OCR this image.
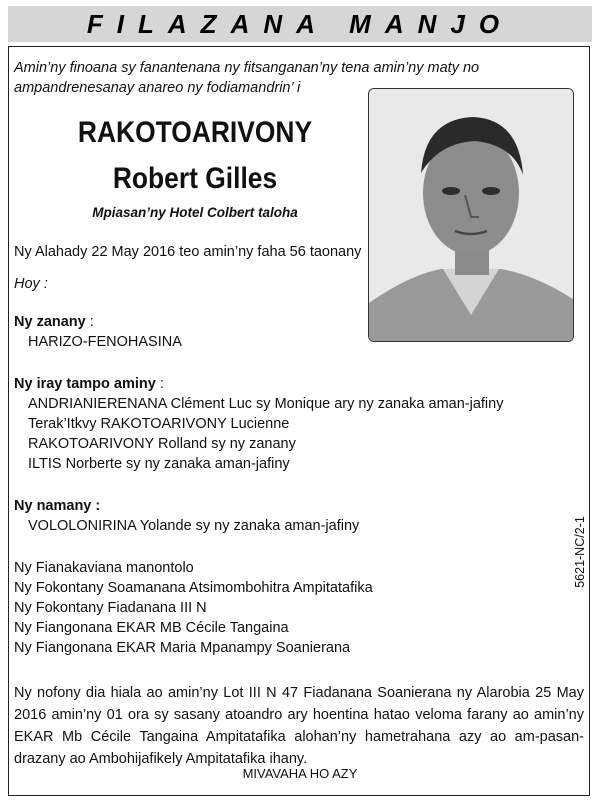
FILAZANA MANJO
Amin’ny finoana sy fanantenana ny fitsanganan’ny tena amin’ny maty no ampandrenesanay anareo ny fodiamandrin’ i
RAKOTOARIVONY
Robert Gilles
Mpiasan’ny Hotel Colbert taloha
Ny Alahady 22 May 2016 teo amin’ny faha 56 taonany
Hoy :
Ny zanany :
HARIZO-FENOHASINA
Ny iray tampo aminy :
ANDRIANIERENANA Clément Luc sy Monique ary ny zanaka aman-jafiny
Terak’Itkvy RAKOTOARIVONY Lucienne
RAKOTOARIVONY Rolland sy ny zanany
ILTIS Norberte sy ny zanaka aman-jafiny
Ny namany :
VOLOLONIRINA Yolande sy ny zanaka aman-jafiny
Ny Fianakaviana manontolo
Ny Fokontany Soamanana Atsimombohitra Ampitatafika
Ny Fokontany Fiadanana III N
Ny Fiangonana EKAR MB Cécile Tangaina
Ny Fiangonana EKAR Maria Mpanampy Soanierana
Ny nofony dia hiala ao amin’ny Lot III N 47 Fiadanana Soanierana ny Alarobia 25 May 2016 amin’ny 01 ora sy sasany atoandro ary hoentina hatao veloma farany ao amin’ny EKAR Mb Cécile Tangaina Ampitatafika alohan’ny hametrahana azy ao am-pasan-drazany ao Ambohijafikely Ampitatafika ihany.
MIVAVAHA HO AZY
5621-NC/2-1
